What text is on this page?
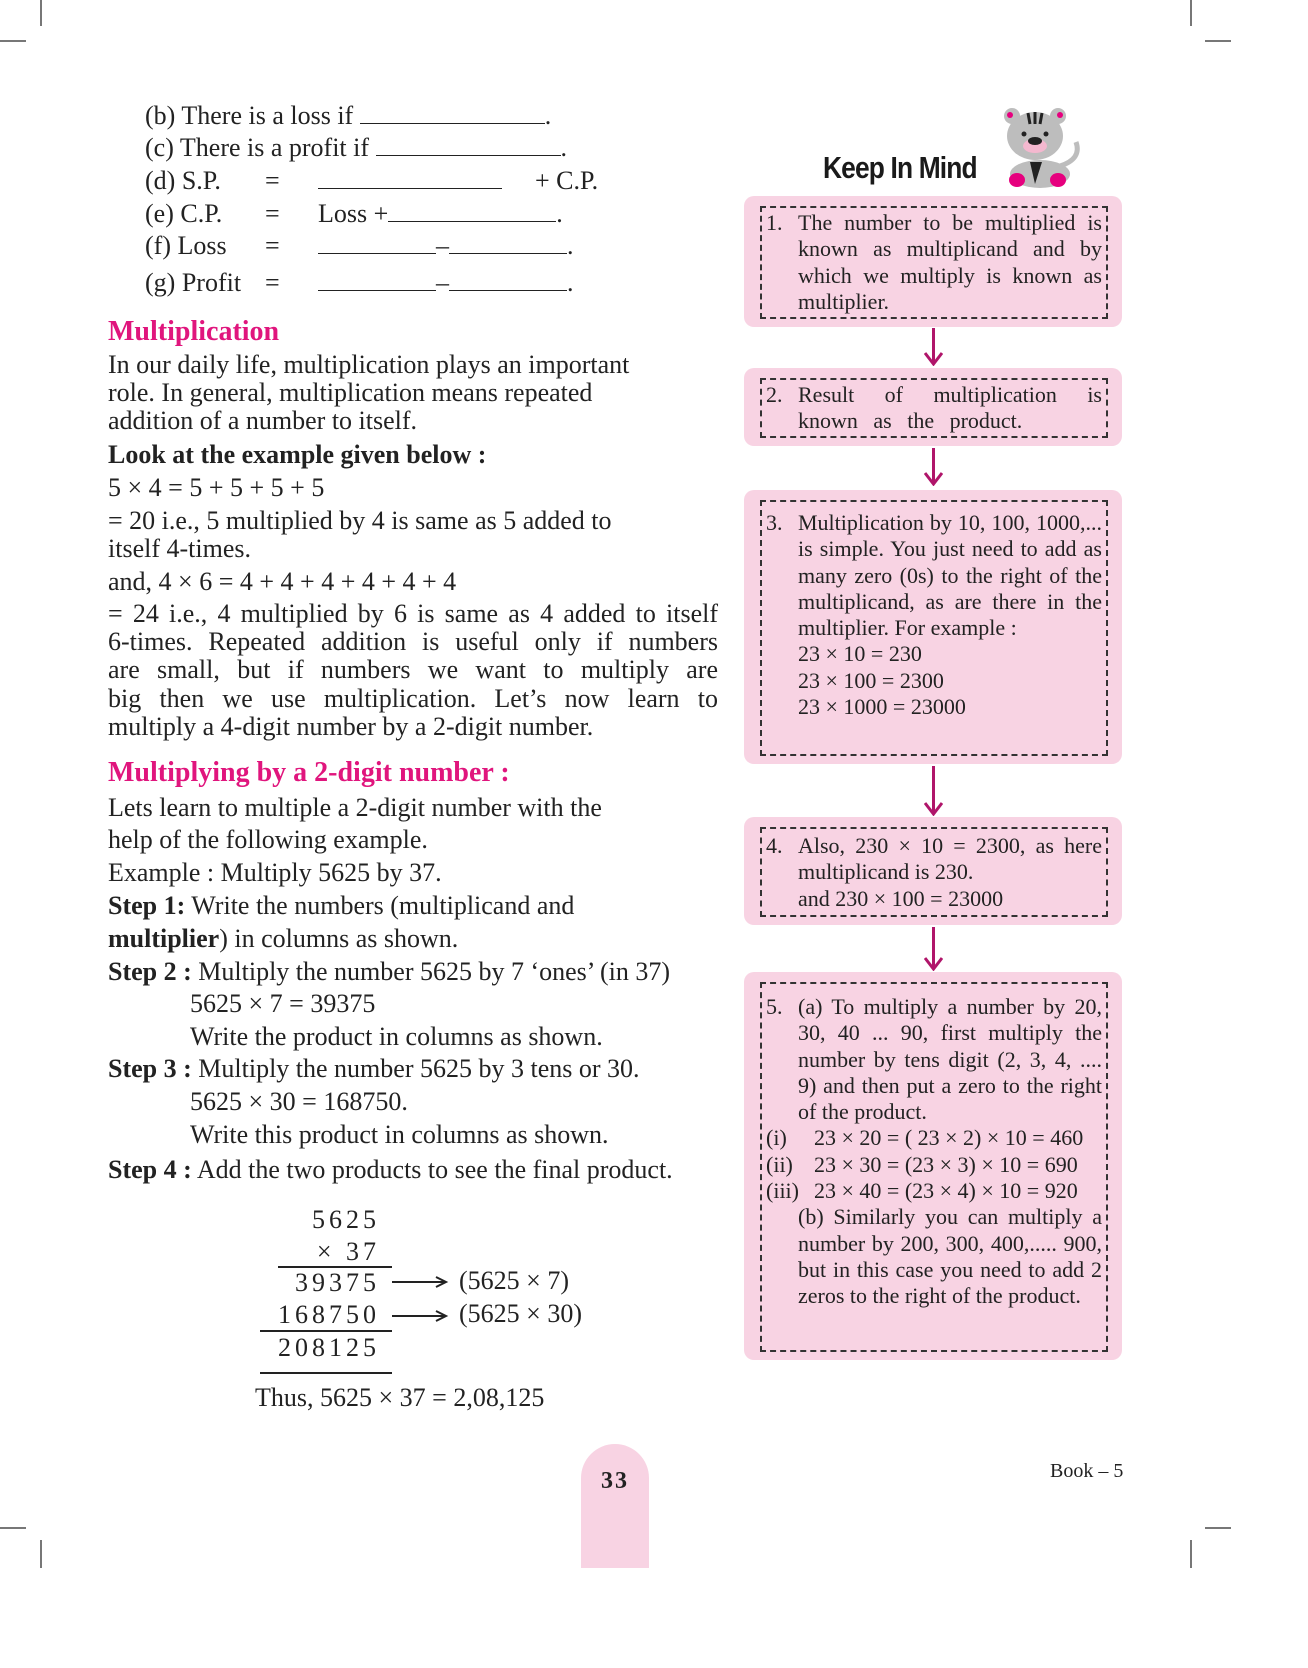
(b) There is a loss if	.
(c) There is a profit if	.
(d) S.P. =	+ C.P.
(e) C.P. = Loss +	.
(f) Loss =	–	.
(g) Profit =	–	.
Multiplication
In our daily life, multiplication plays an important
role. In general, multiplication means repeated
addition of a number to itself.
Look at the example given below :
5 × 4 = 5 + 5 + 5 + 5
= 20 i.e., 5 multiplied by 4 is same as 5 added to
itself 4-times.
and, 4 × 6 = 4 + 4 + 4 + 4 + 4 + 4
= 24 i.e., 4 multiplied by 6 is same as 4 added to itself
6-times. Repeated addition is useful only if numbers
are small, but if numbers we want to multiply are
big then we use multiplication. Let’s now learn to
multiply a 4-digit number by a 2-digit number.
Multiplying by a 2-digit number :
Lets learn to multiple a 2-digit number with the
help of the following example.
Example : Multiply 5625 by 37.
Step 1: Write the numbers (multiplicand and
multiplier) in columns as shown.
Step 2 : Multiply the number 5625 by 7 ‘ones’ (in 37)
5625 × 7 = 39375
Write the product in columns as shown.
Step 3 : Multiply the number 5625 by 3 tens or 30.
5625 × 30 = 168750.
Write this product in columns as shown.
Step 4 : Add the two products to see the final product.
5625
× 37
39375
168750
208125
(5625 × 7)
(5625 × 30)
Thus, 5625 × 37 = 2,08,125
Keep In Mind
1. The number to be multiplied is known as multiplicand and by which we multiply is known as multiplier.
2. Result of multiplication is known as the product.
3. Multiplication by 10, 100, 1000,... is simple. You just need to add as many zero (0s) to the right of the multiplicand, as are there in the multiplier. For example :
23 × 10 = 230
23 × 100 = 2300
23 × 1000 = 23000
4. Also, 230 × 10 = 2300, as here multiplicand is 230.
and 230 × 100 = 23000
5. (a) To multiply a number by 20, 30, 40 ... 90, first multiply the number by tens digit (2, 3, 4, .... 9) and then put a zero to the right of the product.
(i)	23 × 20 = ( 23 × 2) × 10 = 460
(ii) 23 × 30 = (23 × 3) × 10 = 690
(iii) 23 × 40 = (23 × 4) × 10 = 920
(b) Similarly you can multiply a number by 200, 300, 400,..... 900, but in this case you need to add 2 zeros to the right of the product.
33	Book – 5
